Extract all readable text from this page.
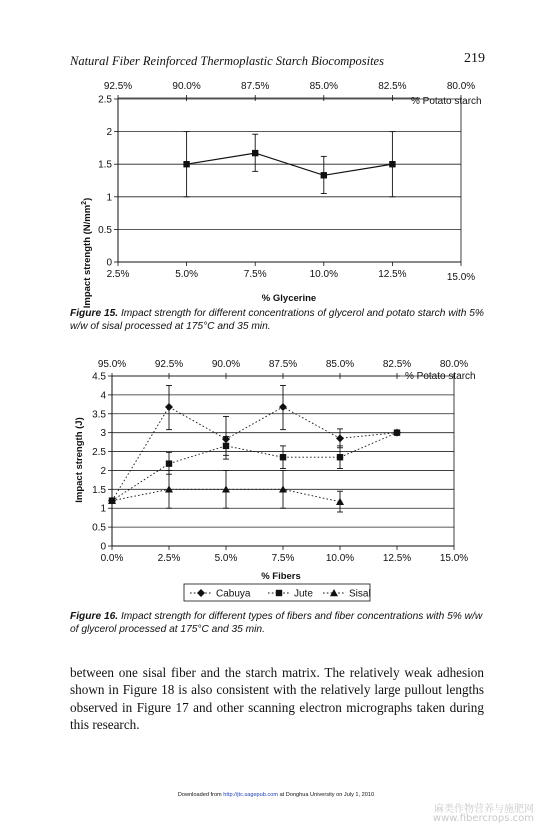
Natural Fiber Reinforced Thermoplastic Starch Biocomposites	219
92.5%	90.0%	87.5%	85.0%	82.5%	80.0%
0
0.5
1
1.5
2
2.5
2.5%	5.0%	7.5%	10.0%	12.5%	15.0%
% Potato starch
% Glycerine
Impact strength $(N/mm^2)$
Figure 15. Impact strength for different concentrations of glycerol and potato starch with 5% w/w of sisal processed at 175°C and 35 min.
95.0%	92.5%	90.0%	87.5%	85.0%	82.5%	80.0%
0
0.5
1
1.5
2
2.5
3
3.5
4
4.5
0.0%	2.5%	5.0%	7.5%	10.0%	12.5%	15.0%
% Potato starch
% Fibers
Impact strength (J)
Cabuya	Jute	Sisal
Figure 16. Impact strength for different types of fibers and fiber concentrations with 5% w/w of glycerol processed at 175°C and 35 min.
between one sisal fiber and the starch matrix. The relatively weak adhesion shown in Figure 18 is also consistent with the relatively large pullout lengths observed in Figure 17 and other scanning electron micrographs taken during this research.
Downloaded from http://jtc.sagepub.com at Donghua University on July 1, 2010
麻类作物营养与施肥网
www.fibercrops.com
